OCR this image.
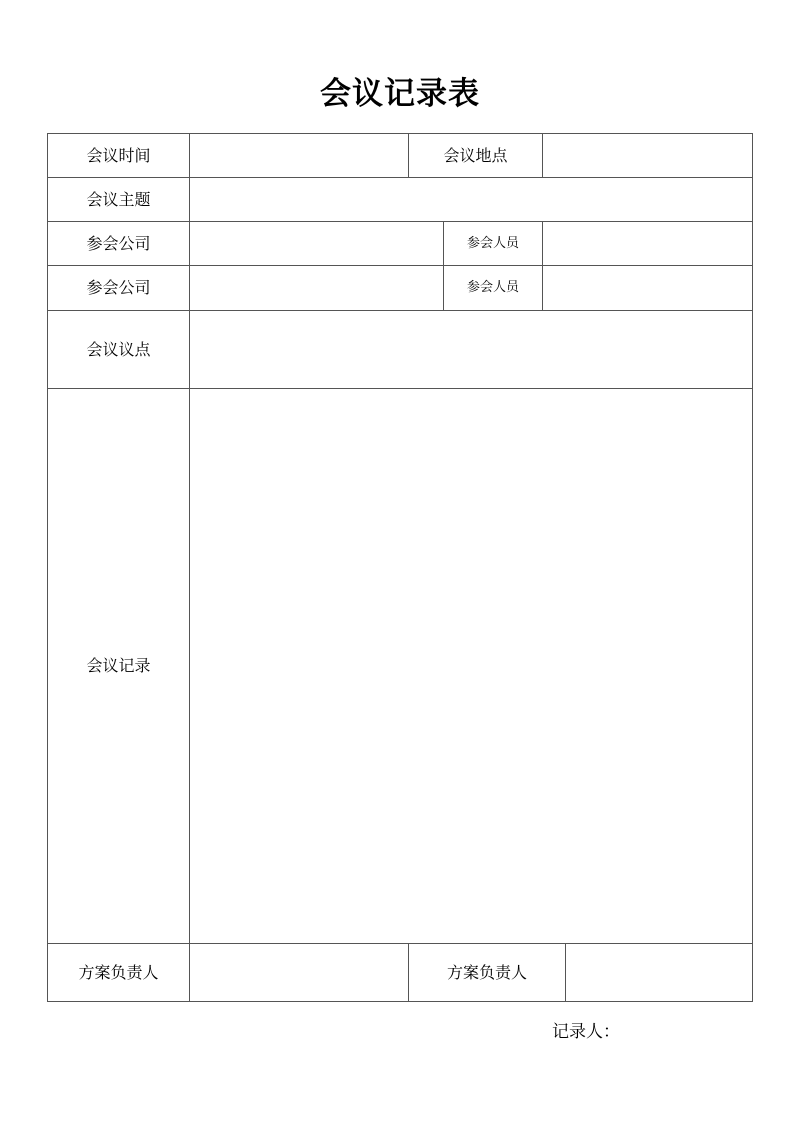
会议记录表
会议时间	会议地点
会议主题
参会公司	参会人员
参会公司	参会人员
会议议点
会议记录
方案负责人	方案负责人
记录人：
